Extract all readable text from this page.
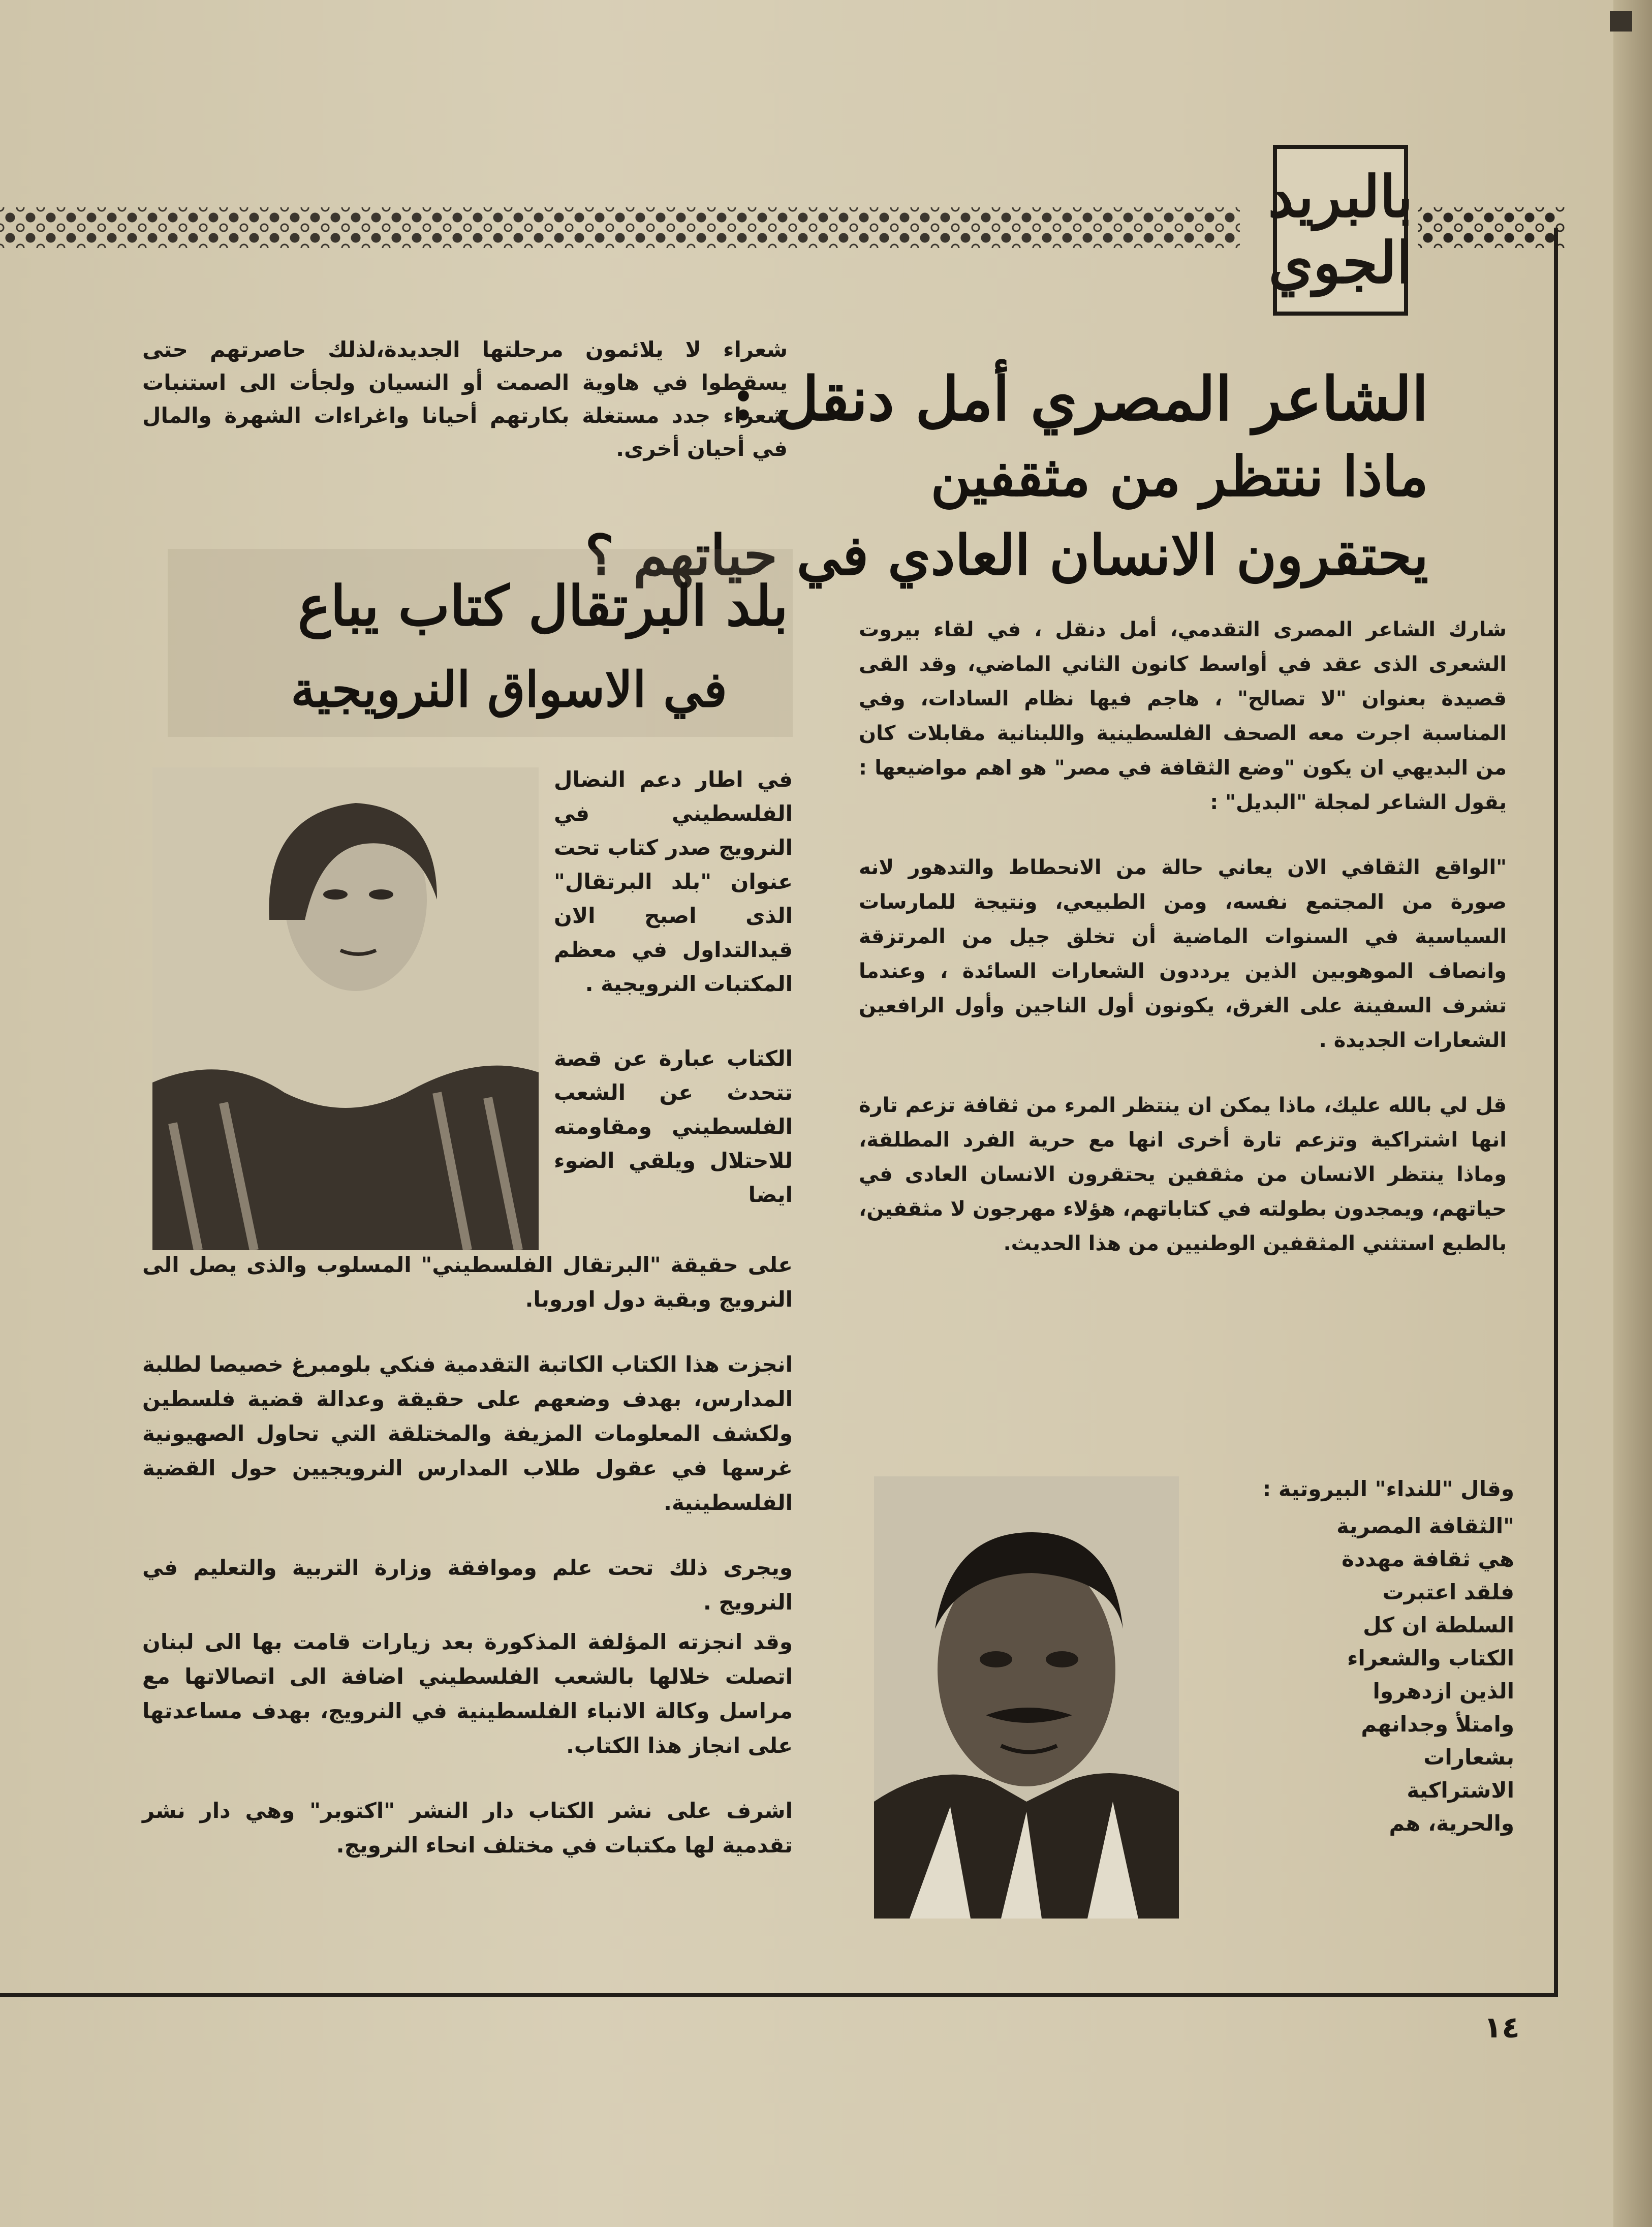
بالبريد
الجوي
الشاعر المصري أمل دنقل :
ماذا ننتظر من مثقفين
يحتقرون الانسان العادي في حياتهم ؟

شارك الشاعر المصرى التقدمي، أمل دنقل ، في لقاء بيروت الشعرى الذى عقد في أواسط كانون الثاني الماضي، وقد القى قصيدة بعنوان "لا تصالح" ، هاجم فيها نظام السادات، وفي المناسبة اجرت معه الصحف الفلسطينية واللبنانية مقابلات كان من البديهي ان يكون "وضع الثقافة في مصر" هو اهم مواضيعها : يقول الشاعر لمجلة "البديل" :

"الواقع الثقافي الان يعاني حالة من الانحطاط والتدهور لانه صورة من المجتمع نفسه، ومن الطبيعي، ونتيجة للمارسات السياسية في السنوات الماضية أن تخلق جيل من المرتزقة وانصاف الموهوبين الذين يرددون الشعارات السائدة ، وعندما تشرف السفينة على الغرق، يكونون أول الناجين وأول الرافعين الشعارات الجديدة .

قل لي بالله عليك، ماذا يمكن ان ينتظر المرء من ثقافة تزعم تارة انها اشتراكية وتزعم تارة أخرى انها مع حرية الفرد المطلقة، وماذا ينتظر الانسان من مثقفين يحتقرون الانسان العادى في حياتهم، ويمجدون بطولته في كتاباتهم، هؤلاء مهرجون لا مثقفين، بالطبع استثني المثقفين الوطنيين من هذا الحديث.

وقال "للنداء" البيروتية :
"الثقافة المصرية
هي ثقافة مهددة
فلقد اعتبرت
السلطة ان كل
الكتاب والشعراء
الذين ازدهروا
وامتلأ وجدانهم
بشعارات
الاشتراكية
والحرية، هم
شعراء لا يلائمون مرحلتها الجديدة،لذلك حاصرتهم حتى يسقطوا في هاوية الصمت أو النسيان ولجأت الى استنبات شعراء جدد مستغلة بكارتهم أحيانا واغراءات الشهرة والمال في أحيان أخرى.
بلد البرتقال كتاب يباع
في الاسواق النرويجية

في اطار دعم النضال الفلسطيني في النرويج صدر كتاب تحت عنوان "بلد البرتقال" الذى اصبح الان قيدالتداول في معظم المكتبات النرويجية .

الكتاب عبارة عن قصة تتحدث عن الشعب الفلسطيني ومقاومته للاحتلال ويلقي الضوء ايضا

على حقيقة "البرتقال الفلسطيني" المسلوب والذى يصل الى النرويج وبقية دول اوروبا.

انجزت هذا الكتاب الكاتبة التقدمية فنكي بلومبرغ خصيصا لطلبة المدارس، بهدف وضعهم على حقيقة وعدالة قضية فلسطين ولكشف المعلومات المزيفة والمختلقة التي تحاول الصهيونية غرسها في عقول طلاب المدارس النرويجيين حول القضية الفلسطينية.

ويجرى ذلك تحت علم وموافقة وزارة التربية والتعليم في النرويج .

وقد انجزته المؤلفة المذكورة بعد زيارات قامت بها الى لبنان اتصلت خلالها بالشعب الفلسطيني اضافة الى اتصالاتها مع مراسل وكالة الانباء الفلسطينية في النرويج، بهدف مساعدتها على انجاز هذا الكتاب.

اشرف على نشر الكتاب دار النشر "اكتوبر" وهي دار نشر تقدمية لها مكتبات في مختلف انحاء النرويج.

١٤
